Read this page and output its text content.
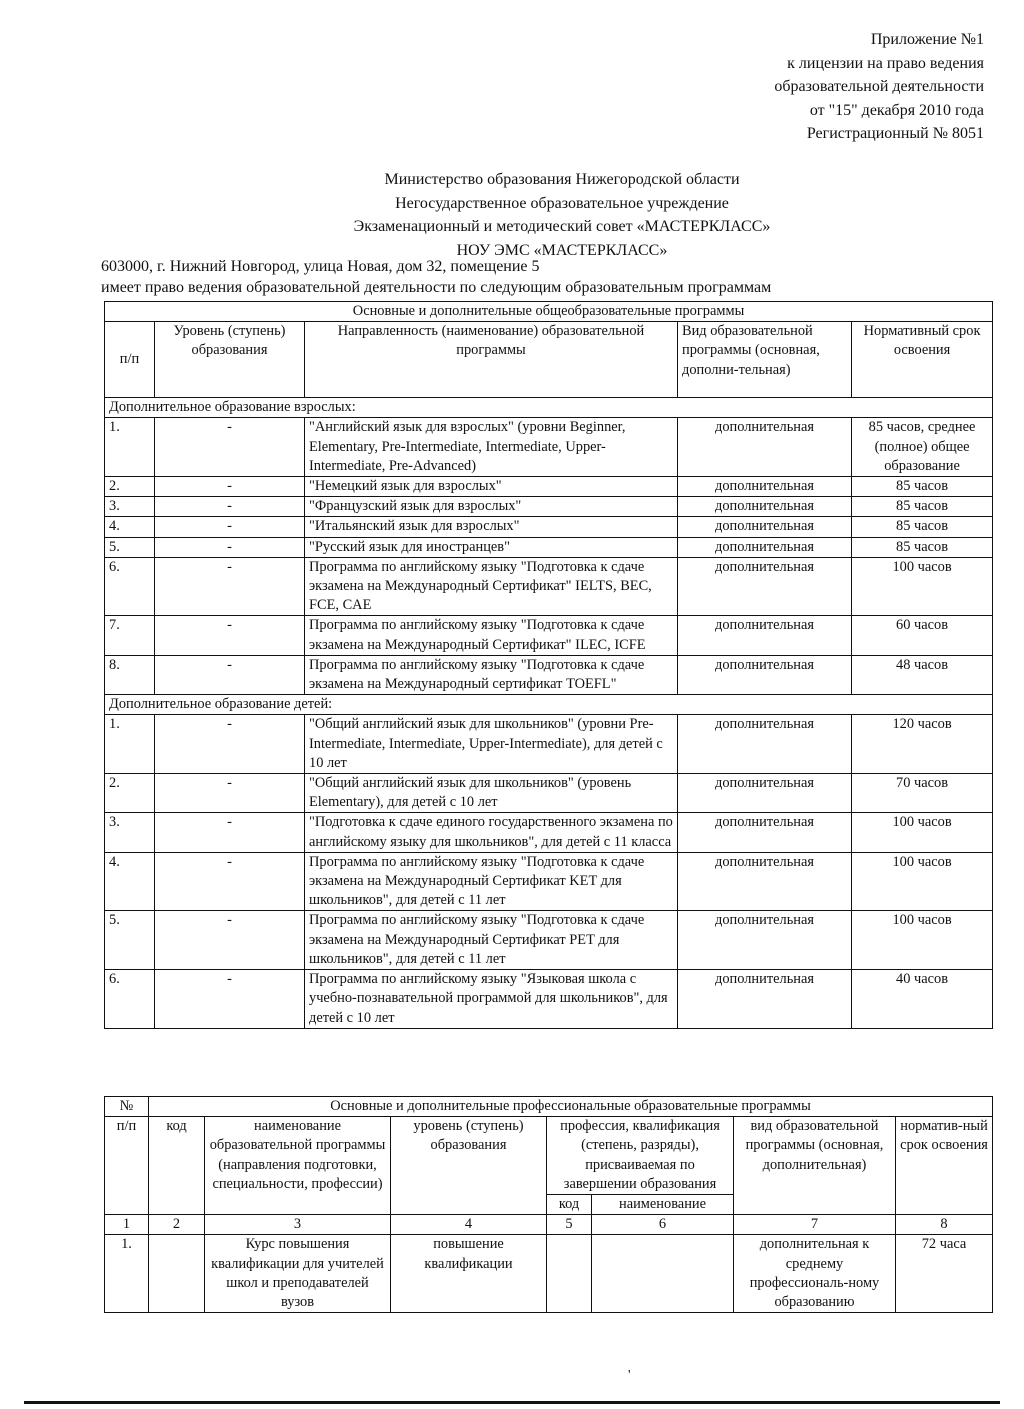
Приложение №1
к лицензии на право ведения
образовательной деятельности
от "15" декабря 2010 года
Регистрационный № 8051
Министерство образования Нижегородской области
Негосударственное образовательное учреждение
Экзаменационный и методический совет «МАСТЕРКЛАСС»
НОУ ЭМС «МАСТЕРКЛАСС»
603000, г. Нижний Новгород, улица Новая, дом 32, помещение 5
имеет право ведения образовательной деятельности по следующим образовательным программам
Основные и дополнительные общеобразовательные программы				
п/п	Уровень (ступень) образования	Направленность (наименование) образовательной программы	Вид образовательной программы (основная, дополни-тельная)	Нормативный срок освоения
Дополнительное образование взрослых:				
1.	-	"Английский язык для взрослых" (уровни Beginner, Elementary, Pre-Intermediate, Intermediate, Upper-Intermediate, Pre-Advanced)	дополнительная	85 часов, среднее (полное) общее образование
2.	-	"Немецкий язык для взрослых"	дополнительная	85 часов
3.	-	"Французский язык для взрослых"	дополнительная	85 часов
4.	-	"Итальянский язык для взрослых"	дополнительная	85 часов
5.	-	"Русский язык для иностранцев"	дополнительная	85 часов
6.	-	Программа по английскому языку "Подготовка к сдаче экзамена на Международный Сертификат" IELTS, BEC, FCE, CAE	дополнительная	100 часов
7.	-	Программа по английскому языку "Подготовка к сдаче экзамена на Международный Сертификат" ILEC, ICFE	дополнительная	60 часов
8.	-	Программа по английскому языку "Подготовка к сдаче экзамена на Международный сертификат TOEFL"	дополнительная	48 часов
Дополнительное образование детей:				
1.	-	"Общий английский язык для школьников" (уровни Pre-Intermediate, Intermediate, Upper-Intermediate), для детей с 10 лет	дополнительная	120 часов
2.	-	"Общий английский язык для школьников" (уровень Elementary), для детей с 10 лет	дополнительная	70 часов
3.	-	"Подготовка к сдаче единого государственного экзамена по английскому языку для школьников", для детей с 11 класса	дополнительная	100 часов
4.	-	Программа по английскому языку "Подготовка к сдаче экзамена на Международный Сертификат KET для школьников", для детей с 11 лет	дополнительная	100 часов
5.	-	Программа по английскому языку "Подготовка к сдаче экзамена на Международный Сертификат PET для школьников", для детей с 11 лет	дополнительная	100 часов
6.	-	Программа по английскому языку "Языковая школа с учебно-познавательной программой для школьников", для детей с 10 лет	дополнительная	40 часов
№	Основные и дополнительные профессиональные образовательные программы						
п/п	код	наименование образовательной программы (направления подготовки, специальности, профессии)	уровень (ступень) образования	профессия, квалификация (степень, разряды), присваиваемая по завершении образования		вид образовательной программы (основная, дополнительная)	норматив-ный срок освоения
				код	наименование		
1	2	3	4	5	6	7	8
1.		Курс повышения квалификации для учителей школ и преподавателей вузов	повышение квалификации			дополнительная к среднему профессиональ-ному образованию	72 часа
'
